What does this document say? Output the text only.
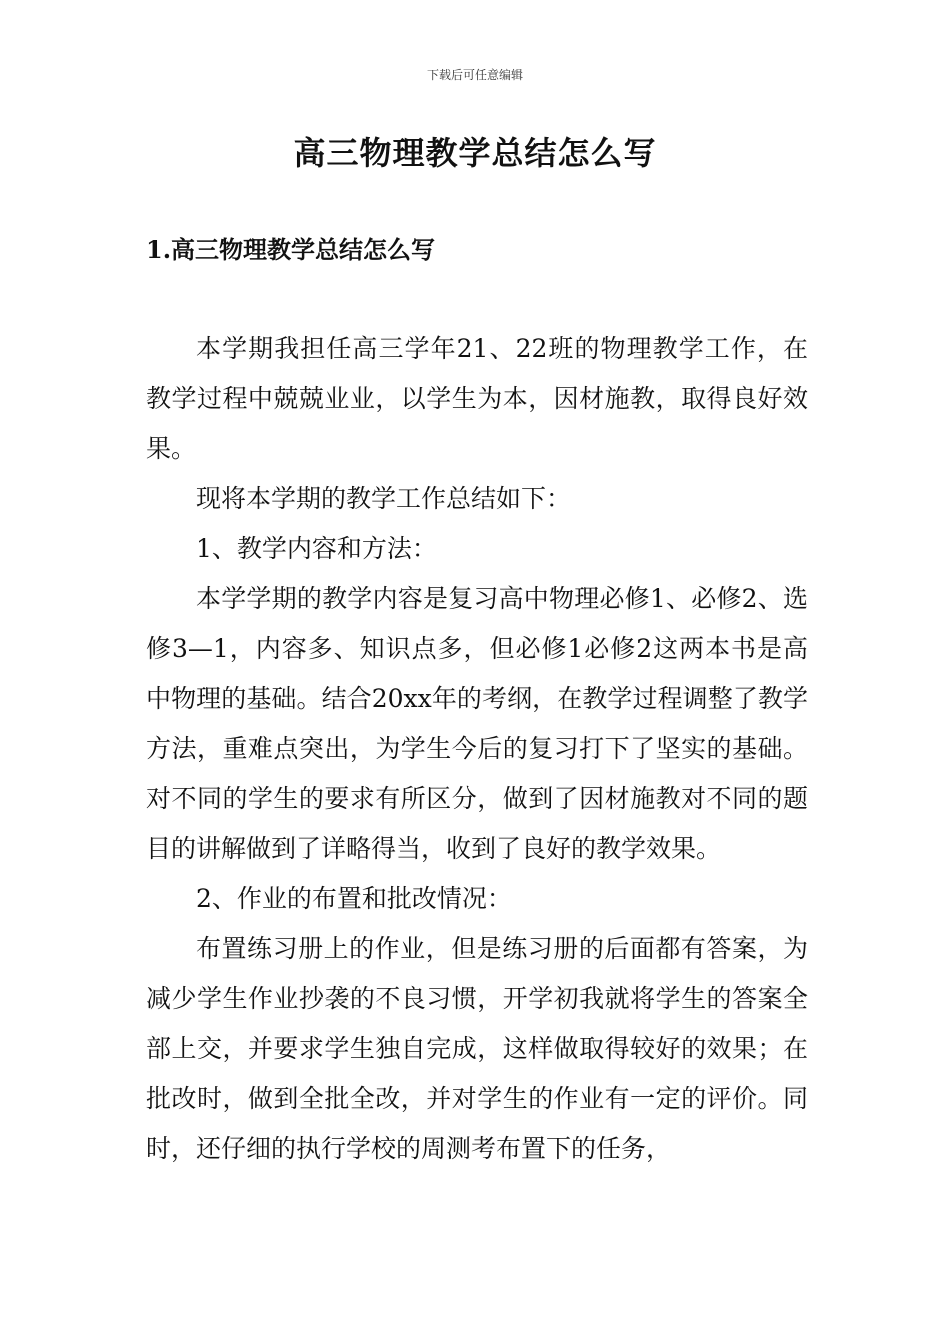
下载后可任意编辑
高三物理教学总结怎么写
1.高三物理教学总结怎么写

本学期我担任高三学年21、22班的物理教学工作，在教学过程中兢兢业业，以学生为本，因材施教，取得良好效果。

现将本学期的教学工作总结如下：

1、教学内容和方法：

本学学期的教学内容是复习高中物理必修1、必修2、选修3—1，内容多、知识点多，但必修1必修2这两本书是高中物理的基础。结合20xx年的考纲，在教学过程调整了教学方法，重难点突出，为学生今后的复习打下了坚实的基础。对不同的学生的要求有所区分，做到了因材施教对不同的题目的讲解做到了详略得当，收到了良好的教学效果。

2、作业的布置和批改情况：

布置练习册上的作业，但是练习册的后面都有答案，为减少学生作业抄袭的不良习惯，开学初我就将学生的答案全部上交，并要求学生独自完成，这样做取得较好的效果；在批改时，做到全批全改，并对学生的作业有一定的评价。同时，还仔细的执行学校的周测考布置下的任务，
